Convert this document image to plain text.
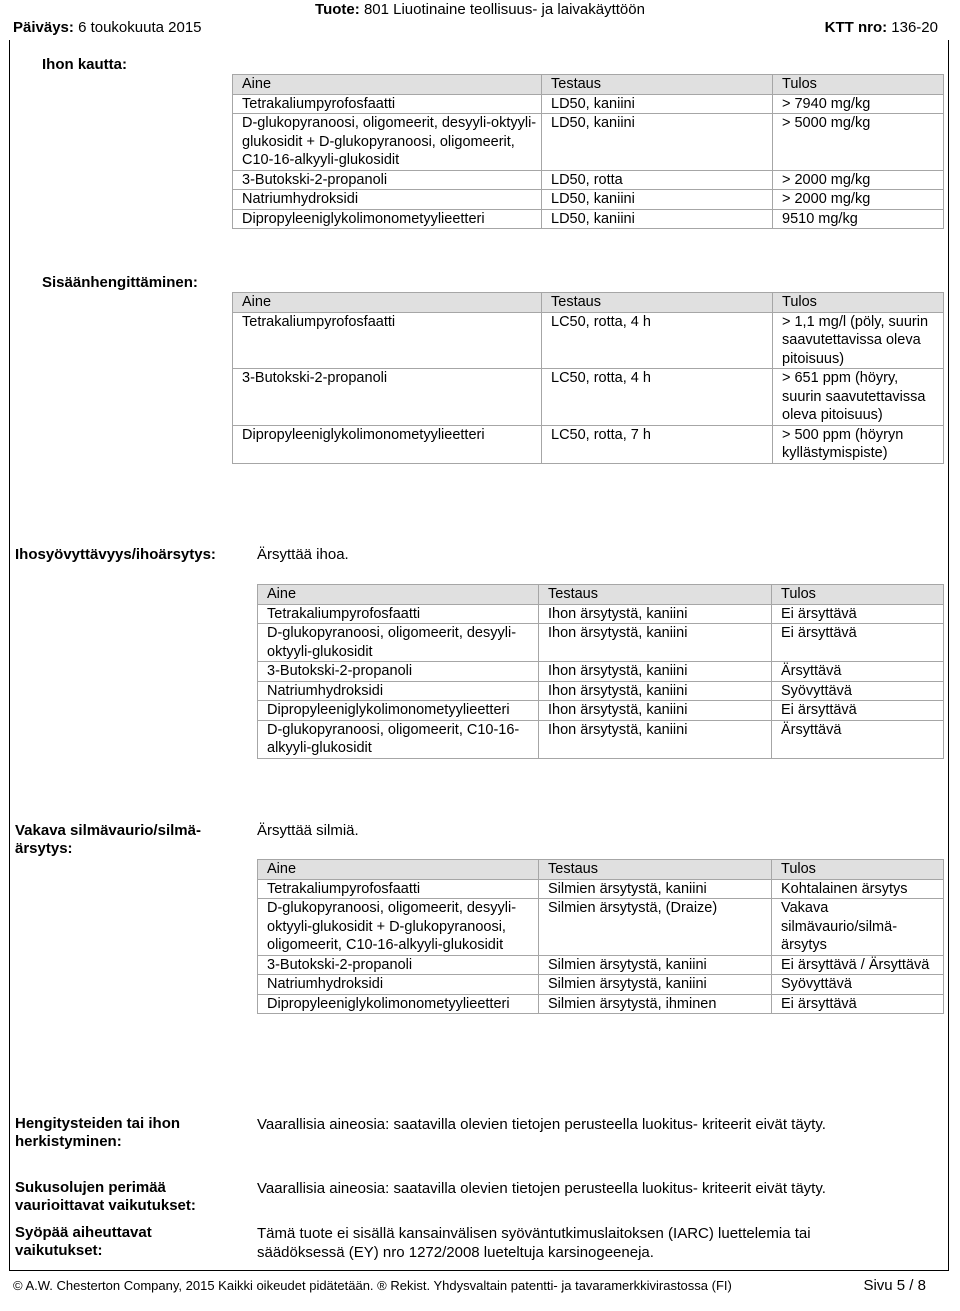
Päiväys: 6 toukokuuta 2015
Tuote: 801 Liuotinaine teollisuus- ja laivakäyttöön
KTT nro: 136-20
Ihon kautta:
Aine	Testaus	Tulos
Tetrakaliumpyrofosfaatti	LD50, kaniini	> 7940 mg/kg
D-glukopyranoosi, oligomeerit, desyyli-oktyyli-glukosidit + D-glukopyranoosi, oligomeerit, C10-16-alkyyli-glukosidit	LD50, kaniini	> 5000 mg/kg
3-Butokski-2-propanoli	LD50, rotta	> 2000 mg/kg
Natriumhydroksidi	LD50, kaniini	> 2000 mg/kg
Dipropyleeniglykolimonometyylieetteri	LD50, kaniini	9510 mg/kg
Sisäänhengittäminen:
Aine	Testaus	Tulos
Tetrakaliumpyrofosfaatti	LC50, rotta, 4 h	> 1,1 mg/l (pöly, suurin saavutettavissa oleva pitoisuus)
3-Butokski-2-propanoli	LC50, rotta, 4 h	> 651 ppm (höyry, suurin saavutettavissa oleva pitoisuus)
Dipropyleeniglykolimonometyylieetteri	LC50, rotta, 7 h	> 500 ppm (höyryn kyllästymispiste)
Ihosyövyttävyys/ihoärsytys:	Ärsyttää ihoa.
Aine	Testaus	Tulos
Tetrakaliumpyrofosfaatti	Ihon ärsytystä, kaniini	Ei ärsyttävä
D-glukopyranoosi, oligomeerit, desyyli-oktyyli-glukosidit	Ihon ärsytystä, kaniini	Ei ärsyttävä
3-Butokski-2-propanoli	Ihon ärsytystä, kaniini	Ärsyttävä
Natriumhydroksidi	Ihon ärsytystä, kaniini	Syövyttävä
Dipropyleeniglykolimonometyylieetteri	Ihon ärsytystä, kaniini	Ei ärsyttävä
D-glukopyranoosi, oligomeerit, C10-16-alkyyli-glukosidit	Ihon ärsytystä, kaniini	Ärsyttävä
Vakava silmävaurio/silmä-ärsytys:
Ärsyttää silmiä.
Aine	Testaus	Tulos
Tetrakaliumpyrofosfaatti	Silmien ärsytystä, kaniini	Kohtalainen ärsytys
D-glukopyranoosi, oligomeerit, desyyli-oktyyli-glukosidit + D-glukopyranoosi, oligomeerit, C10-16-alkyyli-glukosidit	Silmien ärsytystä, (Draize)	Vakava silmävaurio/silmä-ärsytys
3-Butokski-2-propanoli	Silmien ärsytystä, kaniini	Ei ärsyttävä / Ärsyttävä
Natriumhydroksidi	Silmien ärsytystä, kaniini	Syövyttävä
Dipropyleeniglykolimonometyylieetteri	Silmien ärsytystä, ihminen	Ei ärsyttävä
Hengitysteiden tai ihon herkistyminen:
Vaarallisia aineosia: saatavilla olevien tietojen perusteella luokitus- kriteerit eivät täyty.
Sukusolujen perimää vaurioittavat vaikutukset:
Vaarallisia aineosia: saatavilla olevien tietojen perusteella luokitus- kriteerit eivät täyty.
Syöpää aiheuttavat vaikutukset:
Tämä tuote ei sisällä kansainvälisen syöväntutkimuslaitoksen (IARC) luettelemia tai säädöksessä (EY) nro 1272/2008 lueteltuja karsinogeeneja.
© A.W. Chesterton Company, 2015 Kaikki oikeudet pidätetään. ® Rekist. Yhdysvaltain patentti- ja tavaramerkkivirastossa (FI)	Sivu 5 / 8
